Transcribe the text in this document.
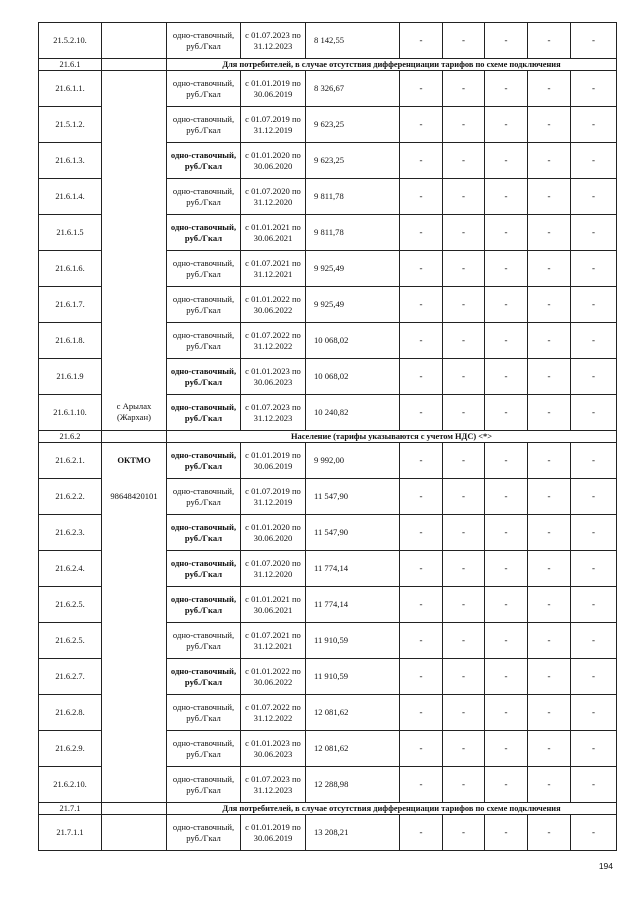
21.5.2.10.		одно-ставочный,
руб./Гкал	с 01.07.2023 по
31.12.2023	8 142,55	-	-	-	-	-
21.6.1		Для потребителей, в случае отсутствия дифференциации тарифов по схеме подключения							
21.6.1.1.		одно-ставочный,
руб./Гкал	с 01.01.2019 по
30.06.2019	8 326,67	-	-	-	-	-
21.5.1.2.		одно-ставочный,
руб./Гкал	с 01.07.2019 по
31.12.2019	9 623,25	-	-	-	-	-
21.6.1.3.		одно-ставочный,
руб./Гкал	с 01.01.2020 по
30.06.2020	9 623,25	-	-	-	-	-
21.6.1.4.		одно-ставочный,
руб./Гкал	с 01.07.2020 по
31.12.2020	9 811,78	-	-	-	-	-
21.6.1.5		одно-ставочный,
руб./Гкал	с 01.01.2021 по
30.06.2021	9 811,78	-	-	-	-	-
21.6.1.6.		одно-ставочный,
руб./Гкал	с 01.07.2021 по
31.12.2021	9 925,49	-	-	-	-	-
21.6.1.7.		одно-ставочный,
руб./Гкал	с 01.01.2022 по
30.06.2022	9 925,49	-	-	-	-	-
21.6.1.8.		одно-ставочный,
руб./Гкал	с 01.07.2022 по
31.12.2022	10 068,02	-	-	-	-	-
21.6.1.9		одно-ставочный,
руб./Гкал	с 01.01.2023 по
30.06.2023	10 068,02	-	-	-	-	-
21.6.1.10.	с Арылах
(Жархан)	одно-ставочный,
руб./Гкал	с 01.07.2023 по
31.12.2023	10 240,82	-	-	-	-	-
21.6.2		Население (тарифы указываются с учетом НДС) <*>							
21.6.2.1.	ОКТМО	одно-ставочный,
руб./Гкал	с 01.01.2019 по
30.06.2019	9 992,00	-	-	-	-	-
21.6.2.2.	98648420101	одно-ставочный,
руб./Гкал	с 01.07.2019 по
31.12.2019	11 547,90	-	-	-	-	-
21.6.2.3.		одно-ставочный,
руб./Гкал	с 01.01.2020 по
30.06.2020	11 547,90	-	-	-	-	-
21.6.2.4.		одно-ставочный,
руб./Гкал	с 01.07.2020 по
31.12.2020	11 774,14	-	-	-	-	-
21.6.2.5.		одно-ставочный,
руб./Гкал	с 01.01.2021 по
30.06.2021	11 774,14	-	-	-	-	-
21.6.2.5.		одно-ставочный,
руб./Гкал	с 01.07.2021 по
31.12.2021	11 910,59	-	-	-	-	-
21.6.2.7.		одно-ставочный,
руб./Гкал	с 01.01.2022 по
30.06.2022	11 910,59	-	-	-	-	-
21.6.2.8.		одно-ставочный,
руб./Гкал	с 01.07.2022 по
31.12.2022	12 081,62	-	-	-	-	-
21.6.2.9.		одно-ставочный,
руб./Гкал	с 01.01.2023 по
30.06.2023	12 081,62	-	-	-	-	-
21.6.2.10.		одно-ставочный,
руб./Гкал	с 01.07.2023 по
31.12.2023	12 288,98	-	-	-	-	-
21.7.1		Для потребителей, в случае отсутствия дифференциации тарифов по схеме подключения							
21.7.1.1		одно-ставочный,
руб./Гкал	с 01.01.2019 по
30.06.2019	13 208,21	-	-	-	-	-
194
